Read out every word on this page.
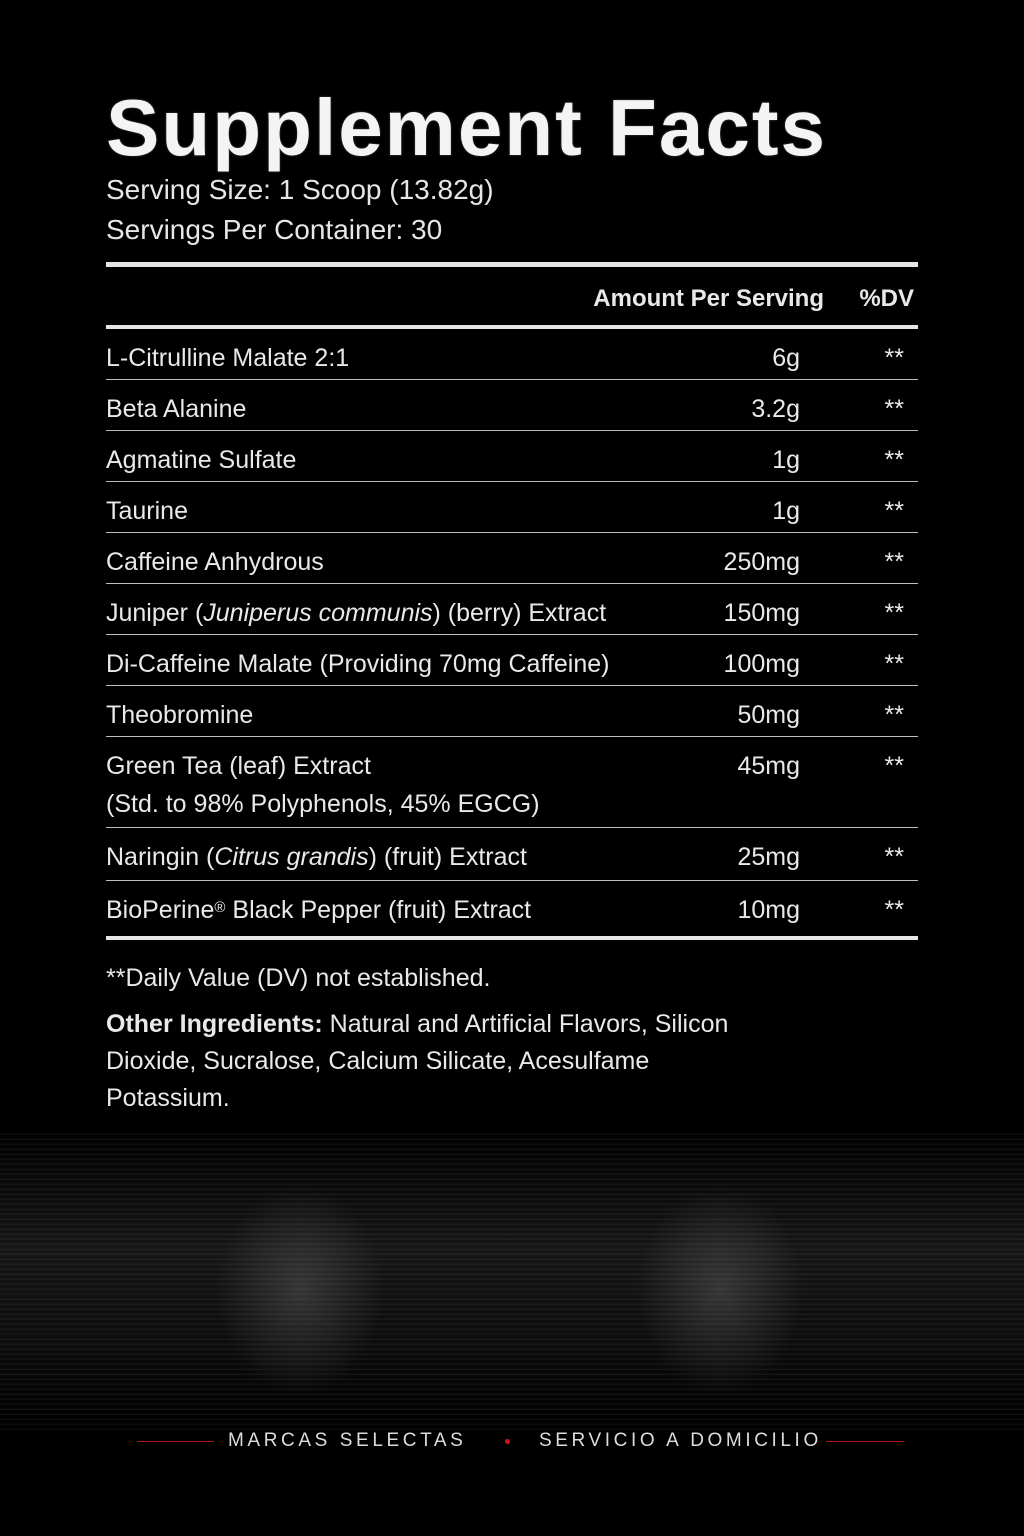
Supplement Facts
Serving Size: 1 Scoop (13.82g)
Servings Per Container: 30
Amount Per Serving %DV
L-Citrulline Malate 2:1	6g	**
Beta Alanine	3.2g	**
Agmatine Sulfate	1g	**
Taurine	1g	**
Caffeine Anhydrous	250mg	**
Juniper (Juniperus communis) (berry) Extract	150mg	**
Di-Caffeine Malate (Providing 70mg Caffeine)	100mg	**
Theobromine	50mg	**
Green Tea (leaf) Extract
(Std. to 98% Polyphenols, 45% EGCG)
45mg	**
Naringin (Citrus grandis) (fruit) Extract	25mg	**
BioPerine® Black Pepper (fruit) Extract	10mg	**
**Daily Value (DV) not established.
Other Ingredients: Natural and Artificial Flavors, Silicon Dioxide, Sucralose, Calcium Silicate, Acesulfame Potassium.
MARCAS SELECTAS	SERVICIO A DOMICILIO
